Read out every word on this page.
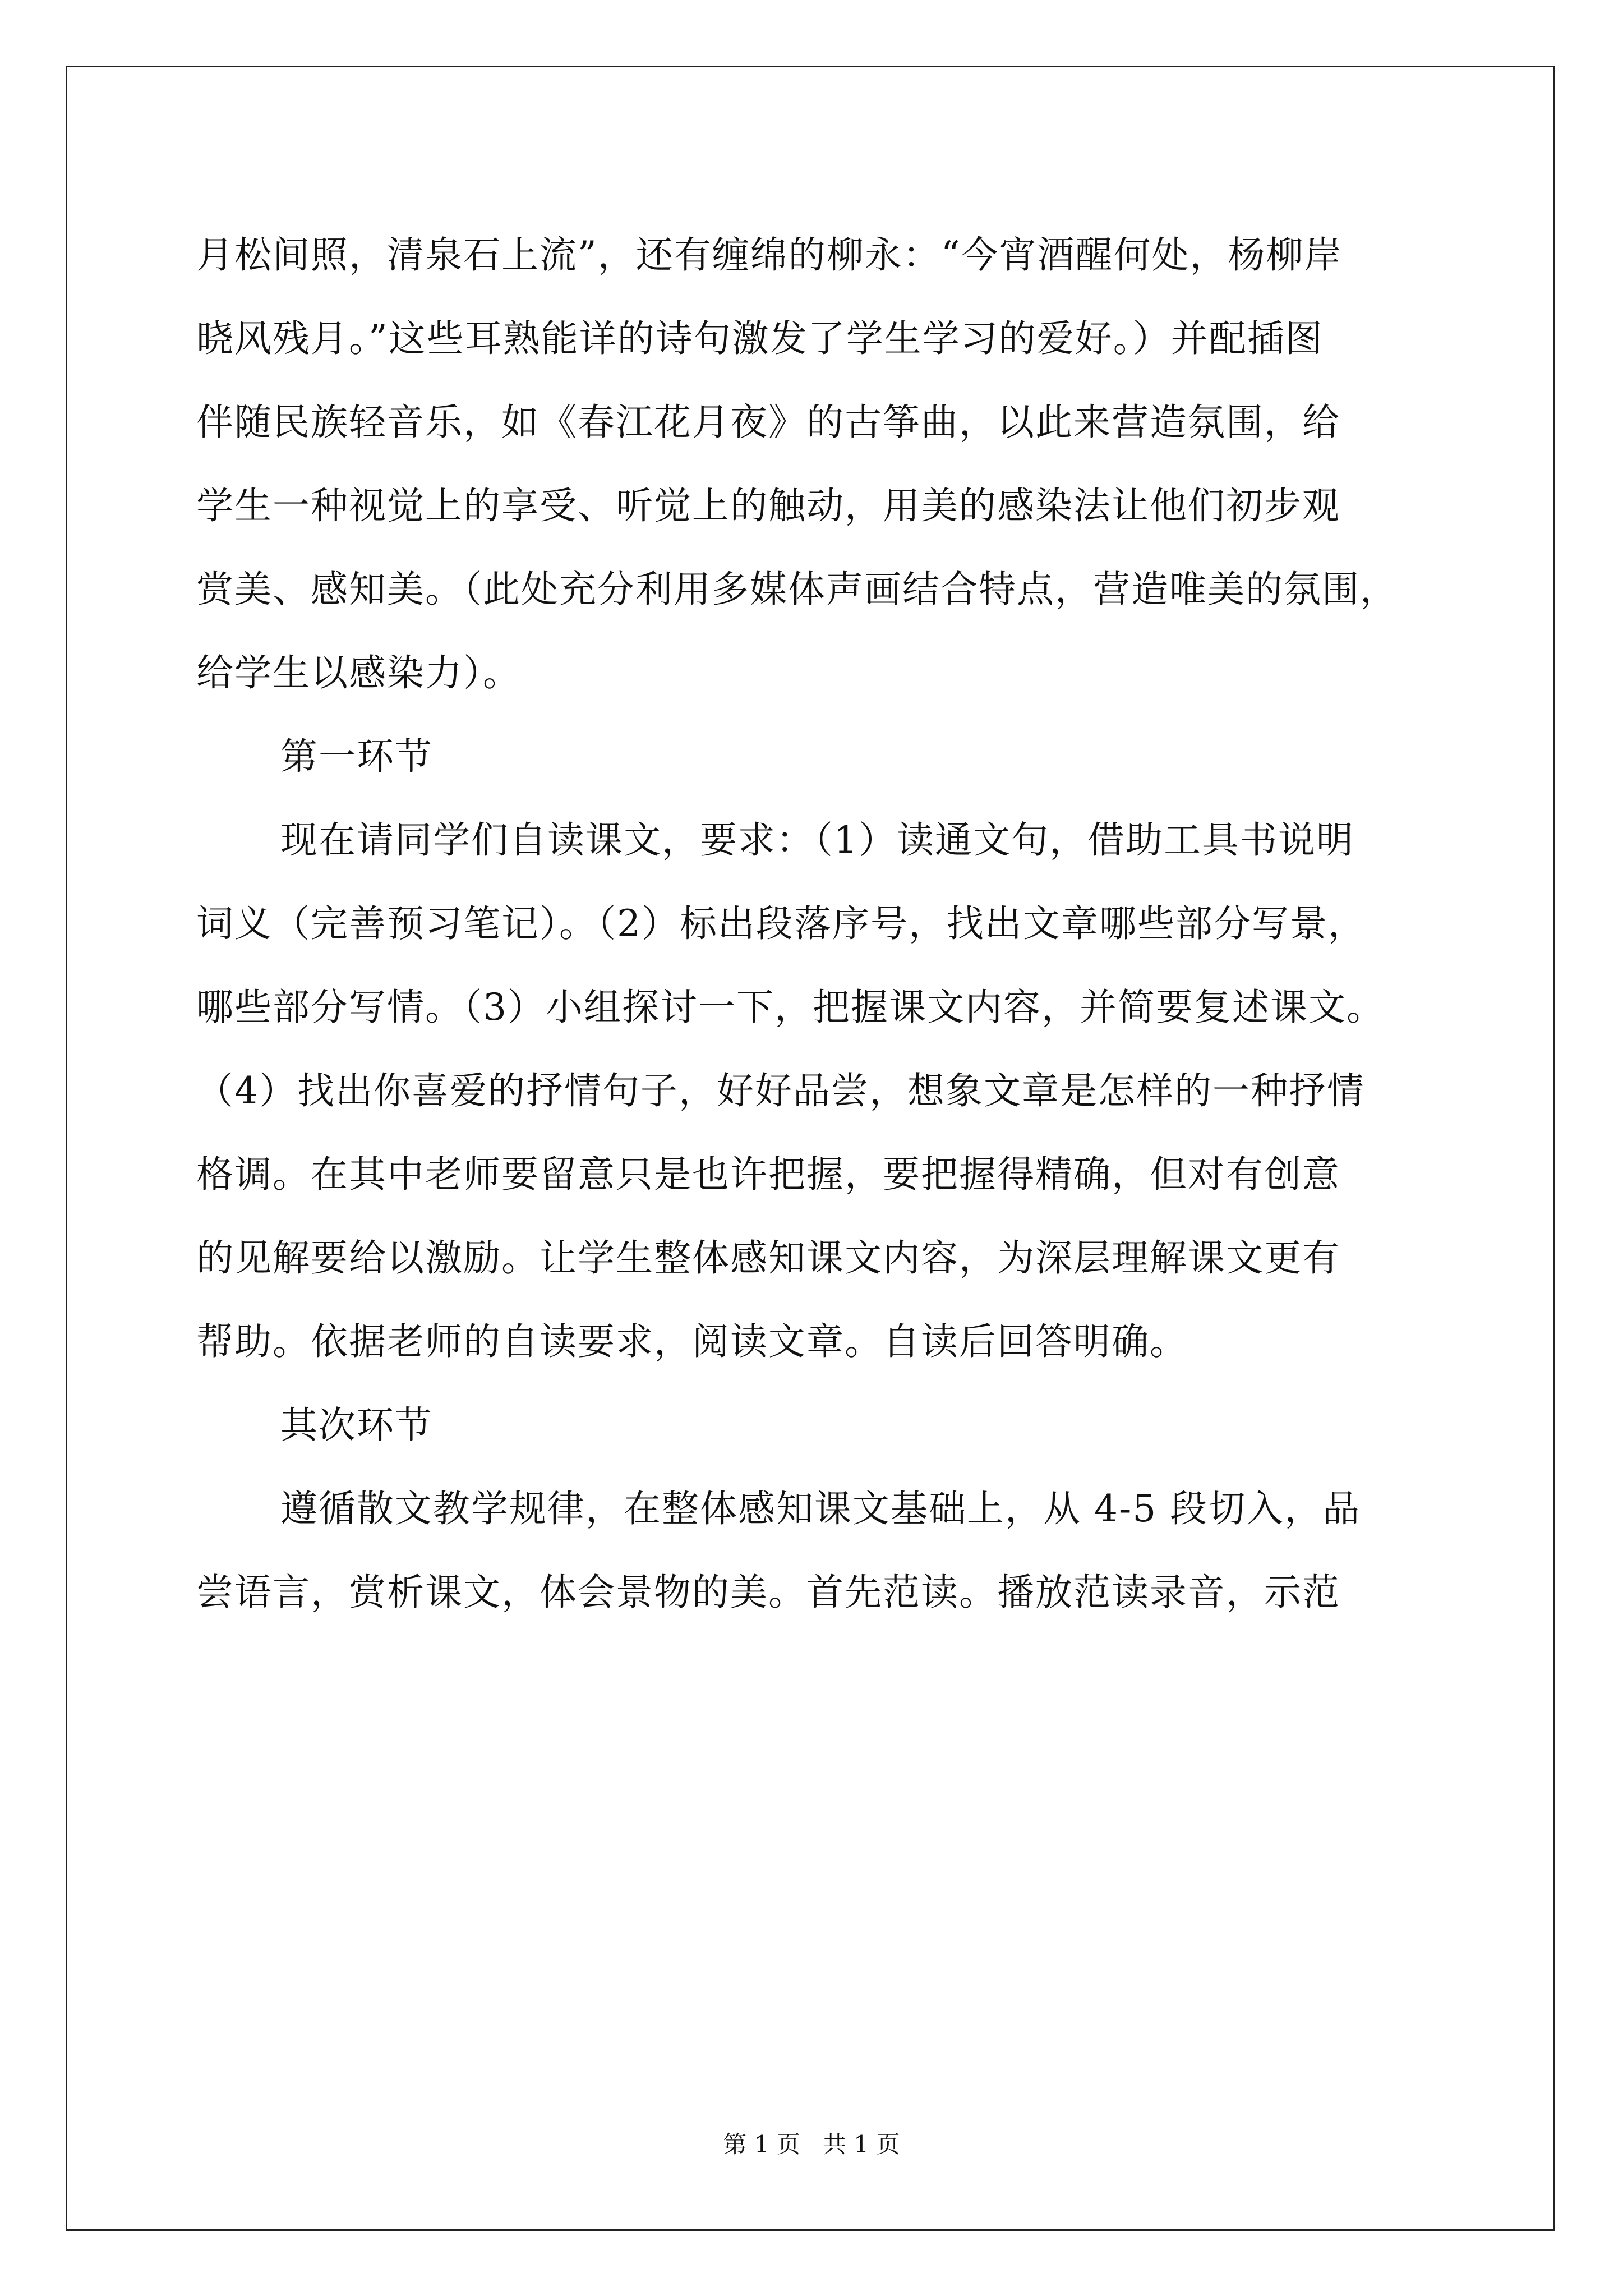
月松间照，清泉石上流”，还有缠绵的柳永：“今宵酒醒何处，杨柳岸
晓风残月。”这些耳熟能详的诗句激发了学生学习的爱好。）并配插图
伴随民族轻音乐，如《春江花月夜》的古筝曲，以此来营造氛围，给
学生一种视觉上的享受、听觉上的触动，用美的感染法让他们初步观
赏美、感知美。（此处充分利用多媒体声画结合特点，营造唯美的氛围，
给学生以感染力）。
第一环节
现在请同学们自读课文，要求：（1）读通文句，借助工具书说明
词义（完善预习笔记）。（2）标出段落序号，找出文章哪些部分写景，
哪些部分写情。（3）小组探讨一下，把握课文内容，并简要复述课文。
（4）找出你喜爱的抒情句子，好好品尝，想象文章是怎样的一种抒情
格调。在其中老师要留意只是也许把握，要把握得精确，但对有创意
的见解要给以激励。让学生整体感知课文内容，为深层理解课文更有
帮助。依据老师的自读要求，阅读文章。自读后回答明确。
其次环节
遵循散文教学规律，在整体感知课文基础上，从 4-5 段切入，品
尝语言，赏析课文，体会景物的美。首先范读。播放范读录音，示范
第 1 页   共 1 页
